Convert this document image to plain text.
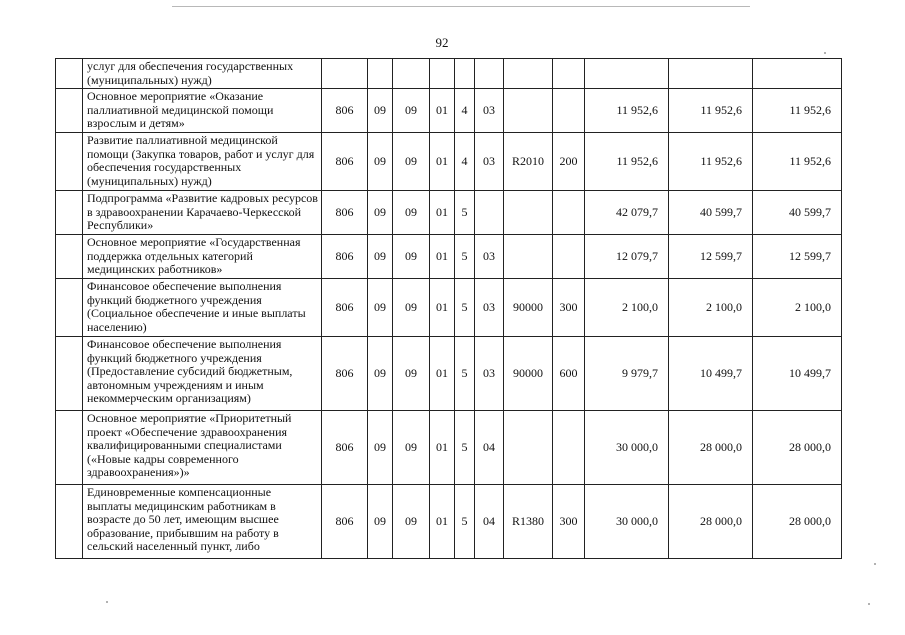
92
	услуг для обеспечения государственных (муниципальных) нужд)											
	Основное мероприятие «Оказание паллиативной медицинской помощи взрослым и детям»	806	09	09	01	4	03			11 952,6	11 952,6	11 952,6
	Развитие паллиативной медицинской помощи (Закупка товаров, работ и услуг для обеспечения государственных (муниципальных) нужд)	806	09	09	01	4	03	R2010	200	11 952,6	11 952,6	11 952,6
	Подпрограмма «Развитие кадровых ресурсов в здравоохранении Карачаево-Черкесской Республики»	806	09	09	01	5				42 079,7	40 599,7	40 599,7
	Основное мероприятие «Государственная поддержка отдельных категорий медицинских работников»	806	09	09	01	5	03			12 079,7	12 599,7	12 599,7
	Финансовое обеспечение выполнения функций бюджетного учреждения (Социальное обеспечение и иные выплаты населению)	806	09	09	01	5	03	90000	300	2 100,0	2 100,0	2 100,0
	Финансовое обеспечение выполнения функций бюджетного учреждения (Предоставление субсидий бюджетным, автономным учреждениям и иным некоммерческим организациям)	806	09	09	01	5	03	90000	600	9 979,7	10 499,7	10 499,7
	Основное мероприятие «Приоритетный проект «Обеспечение здравоохранения квалифицированными специалистами («Новые кадры современного здравоохранения»)»	806	09	09	01	5	04			30 000,0	28 000,0	28 000,0
	Единовременные компенсационные выплаты медицинским работникам в возрасте до 50 лет, имеющим высшее образование, прибывшим на работу в сельский населенный пункт, либо	806	09	09	01	5	04	R1380	300	30 000,0	28 000,0	28 000,0
